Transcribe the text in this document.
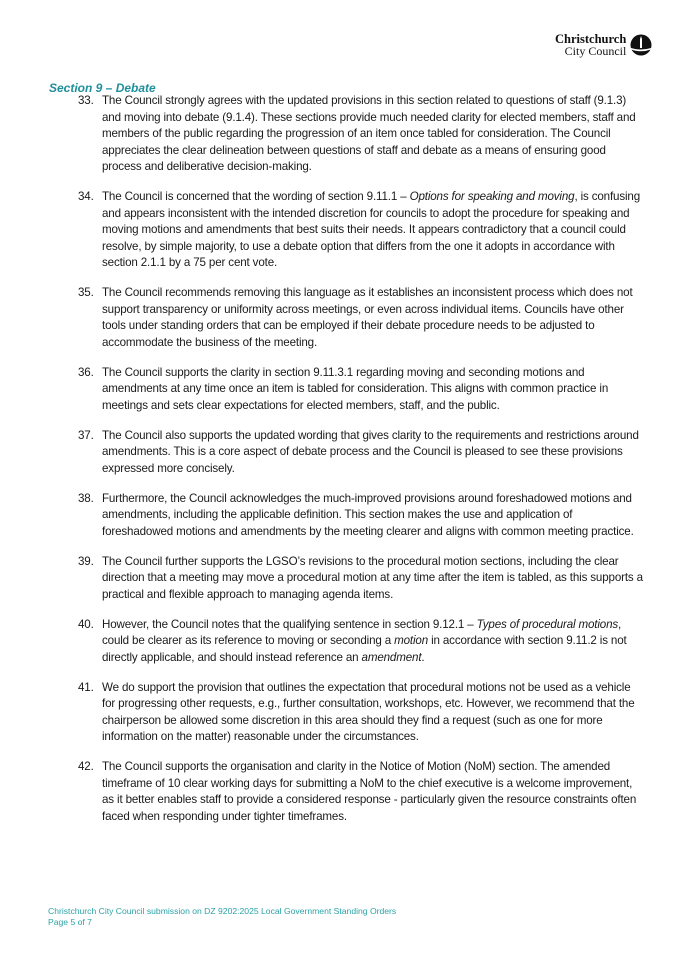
Christchurch
City Council
Section 9 – Debate
33. The Council strongly agrees with the updated provisions in this section related to questions of staff (9.1.3) and moving into debate (9.1.4). These sections provide much needed clarity for elected members, staff and members of the public regarding the progression of an item once tabled for consideration. The Council appreciates the clear delineation between questions of staff and debate as a means of ensuring good process and deliberative decision-making.
34. The Council is concerned that the wording of section 9.11.1 – Options for speaking and moving, is confusing and appears inconsistent with the intended discretion for councils to adopt the procedure for speaking and moving motions and amendments that best suits their needs. It appears contradictory that a council could resolve, by simple majority, to use a debate option that differs from the one it adopts in accordance with section 2.1.1 by a 75 per cent vote.
35. The Council recommends removing this language as it establishes an inconsistent process which does not support transparency or uniformity across meetings, or even across individual items. Councils have other tools under standing orders that can be employed if their debate procedure needs to be adjusted to accommodate the business of the meeting.
36. The Council supports the clarity in section 9.11.3.1 regarding moving and seconding motions and amendments at any time once an item is tabled for consideration. This aligns with common practice in meetings and sets clear expectations for elected members, staff, and the public.
37. The Council also supports the updated wording that gives clarity to the requirements and restrictions around amendments. This is a core aspect of debate process and the Council is pleased to see these provisions expressed more concisely.
38. Furthermore, the Council acknowledges the much-improved provisions around foreshadowed motions and amendments, including the applicable definition. This section makes the use and application of foreshadowed motions and amendments by the meeting clearer and aligns with common meeting practice.
39. The Council further supports the LGSO’s revisions to the procedural motion sections, including the clear direction that a meeting may move a procedural motion at any time after the item is tabled, as this supports a practical and flexible approach to managing agenda items.
40. However, the Council notes that the qualifying sentence in section 9.12.1 – Types of procedural motions, could be clearer as its reference to moving or seconding a motion in accordance with section 9.11.2 is not directly applicable, and should instead reference an amendment.
41. We do support the provision that outlines the expectation that procedural motions not be used as a vehicle for progressing other requests, e.g., further consultation, workshops, etc. However, we recommend that the chairperson be allowed some discretion in this area should they find a request (such as one for more information on the matter) reasonable under the circumstances.
42. The Council supports the organisation and clarity in the Notice of Motion (NoM) section. The amended timeframe of 10 clear working days for submitting a NoM to the chief executive is a welcome improvement, as it better enables staff to provide a considered response - particularly given the resource constraints often faced when responding under tighter timeframes.
Christchurch City Council submission on DZ 9202:2025 Local Government Standing Orders
Page 5 of 7
